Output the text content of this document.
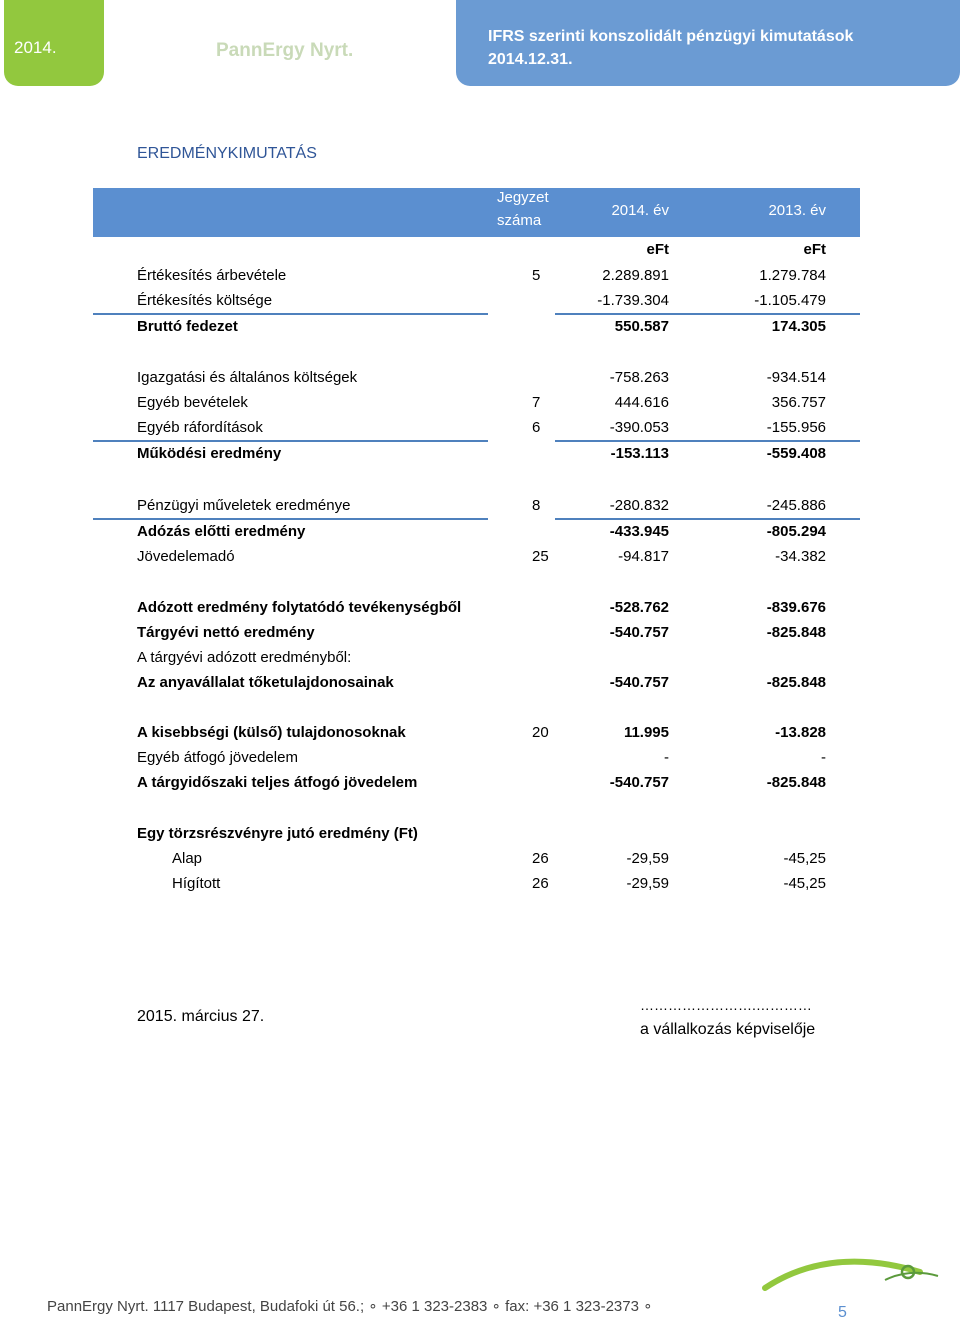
2014.	PannErgy Nyrt.
IFRS szerinti konszolidált pénzügyi kimutatások
2014.12.31.
EREDMÉNYKIMUTATÁS
Jegyzet
száma
2014. év	2013. év
eFt	eFt
Értékesítés árbevétele	5	2.289.891	1.279.784
Értékesítés költsége	-1.739.304	-1.105.479
Bruttó fedezet	550.587	174.305
Igazgatási és általános költségek	-758.263	-934.514
Egyéb bevételek	7	444.616	356.757
Egyéb ráfordítások	6	-390.053	-155.956
Működési eredmény	-153.113	-559.408
Pénzügyi műveletek eredménye	8	-280.832	-245.886
Adózás előtti eredmény	-433.945	-805.294
Jövedelemadó	25	-94.817	-34.382
Adózott eredmény folytatódó tevékenységből	-528.762	-839.676
Tárgyévi nettó eredmény	-540.757	-825.848
A tárgyévi adózott eredményből:
Az anyavállalat tőketulajdonosainak	-540.757	-825.848
A kisebbségi (külső) tulajdonosoknak	20	11.995	-13.828
Egyéb átfogó jövedelem	-	-
A tárgyidőszaki teljes átfogó jövedelem	-540.757	-825.848
Egy törzsrészvényre jutó eredmény (Ft)
Alap	26	-29,59	-45,25
Hígított	26	-29,59	-45,25
2015. március 27.
…………………….…………
a vállalkozás képviselője
PannErgy Nyrt. 1117 Budapest, Budafoki út 56.; ∘ +36 1 323-2383 ∘ fax: +36 1 323-2373 ∘	5
